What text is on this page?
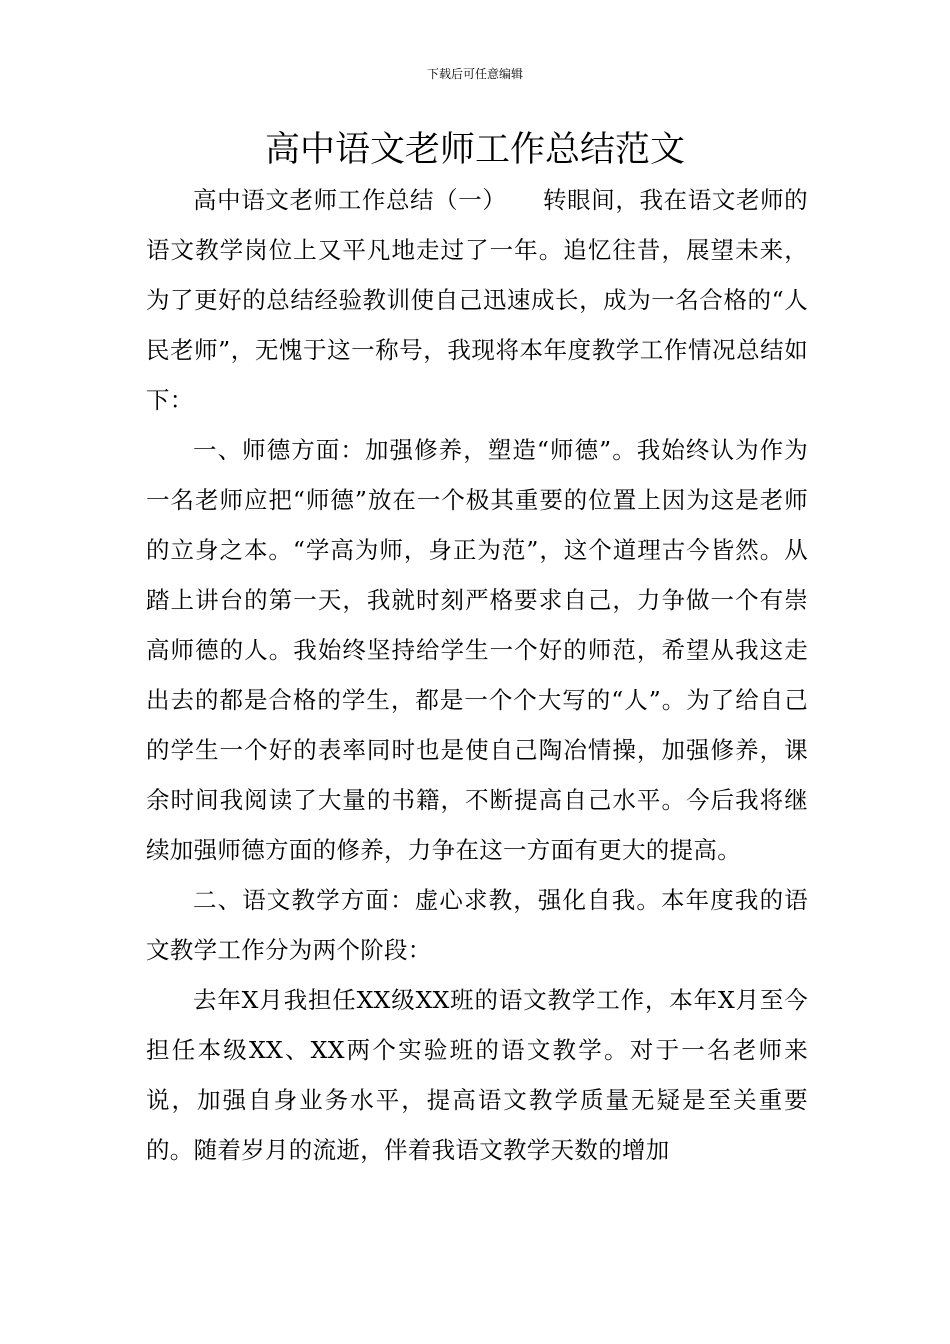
下载后可任意编辑
高中语文老师工作总结范文

高中语文老师工作总结（一）　　转眼间，我在语文老师的语文教学岗位上又平凡地走过了一年。追忆往昔，展望未来，为了更好的总结经验教训使自己迅速成长，成为一名合格的“人民老师”，无愧于这一称号，我现将本年度教学工作情况总结如下：

一、师德方面：加强修养，塑造“师德”。我始终认为作为一名老师应把“师德”放在一个极其重要的位置上因为这是老师的立身之本。“学高为师，身正为范”，这个道理古今皆然。从踏上讲台的第一天，我就时刻严格要求自己，力争做一个有崇高师德的人。我始终坚持给学生一个好的师范，希望从我这走出去的都是合格的学生，都是一个个大写的“人”。为了给自己的学生一个好的表率同时也是使自己陶冶情操，加强修养，课余时间我阅读了大量的书籍，不断提高自己水平。今后我将继续加强师德方面的修养，力争在这一方面有更大的提高。

二、语文教学方面：虚心求教，强化自我。本年度我的语文教学工作分为两个阶段：

去年X月我担任XX级XX班的语文教学工作，本年X月至今担任本级XX、XX两个实验班的语文教学。对于一名老师来说，加强自身业务水平，提高语文教学质量无疑是至关重要的。随着岁月的流逝，伴着我语文教学天数的增加
